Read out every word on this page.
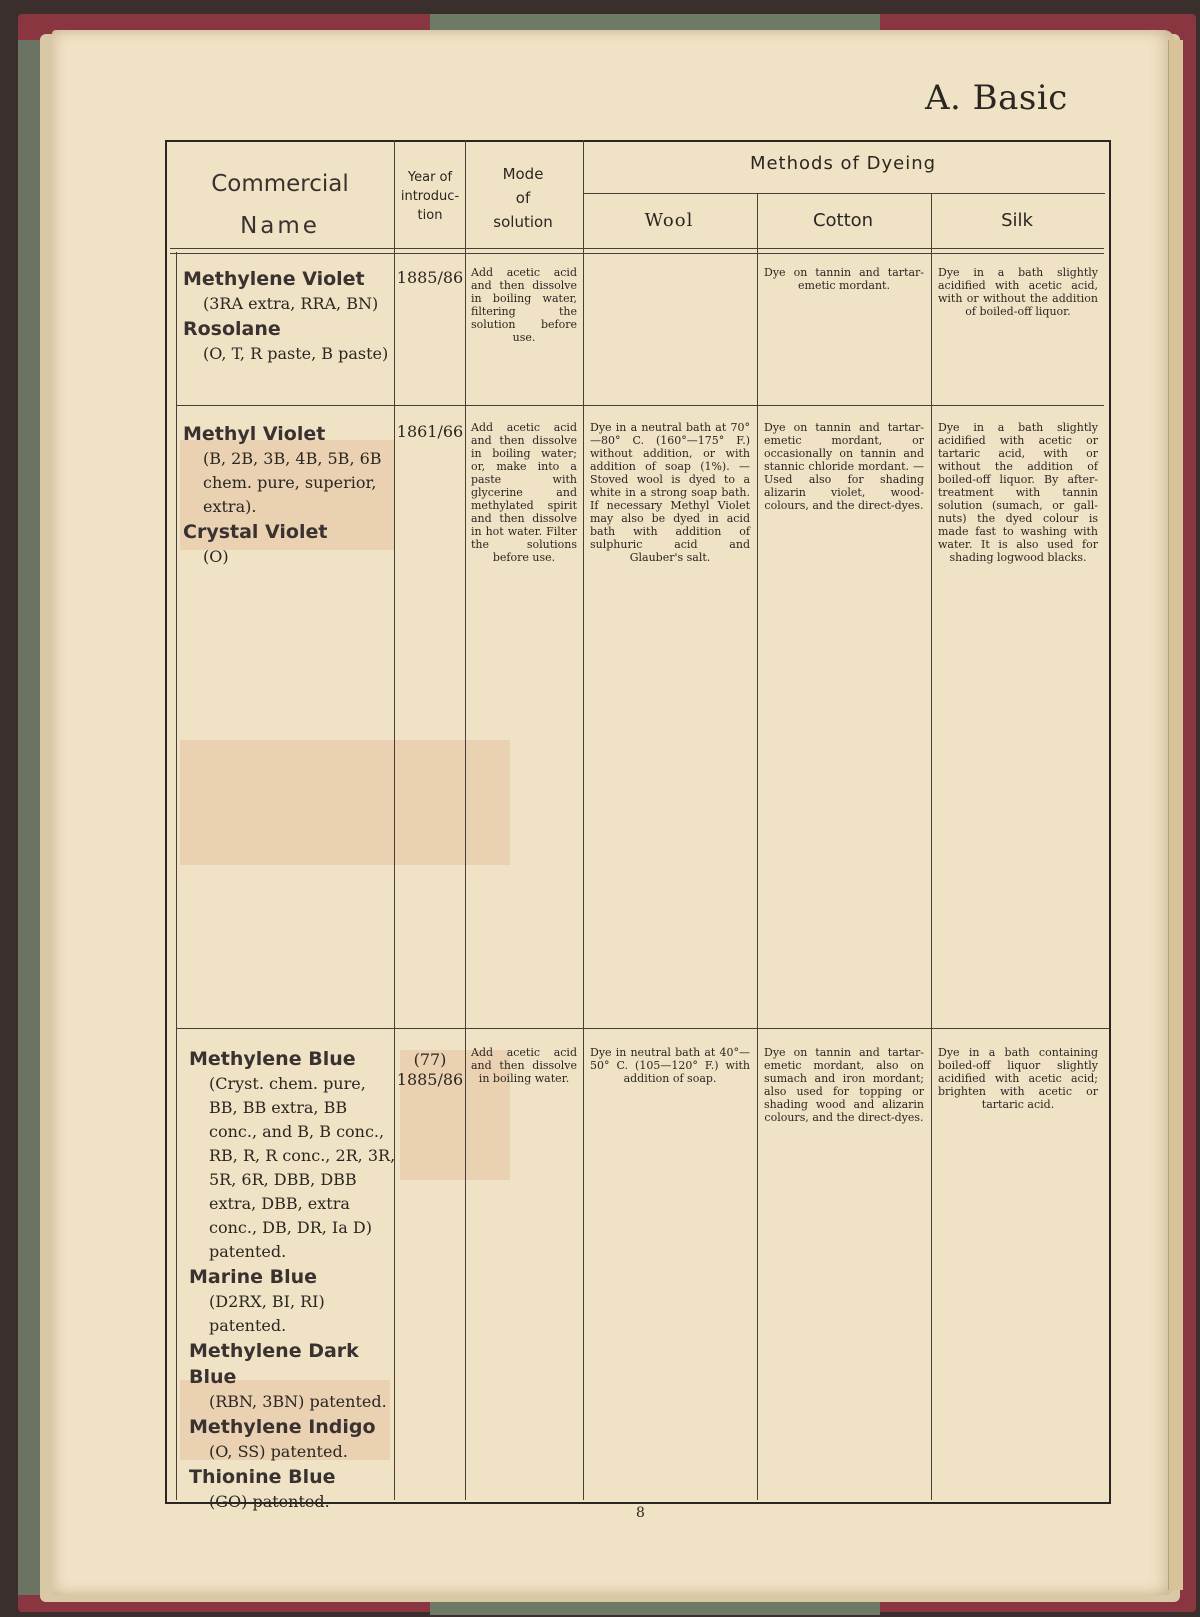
A. Basic
Commercial
Name
Year of
introduc-
tion
Mode
of
solution
Methods of Dyeing
Wool	Cotton	Silk
Methylene Violet
(3RA extra, RRA, BN)
Rosolane
(O, T, R paste, B paste)
1885/86 Add acetic acid and then dissolve in boiling water, filtering the solution before use.
Dye on tannin and tartar-emetic mordant.
Dye in a bath slightly acidified with acetic acid, with or without the addition of boiled-off liquor.
Methyl Violet
(B, 2B, 3B, 4B, 5B, 6B chem. pure, superior, extra).
Crystal Violet
(O)
1861/66 Add acetic acid and then dissolve in boiling water; or, make into a paste with glycerine and methylated spirit and then dissolve in hot water. Filter the solutions before use.
Dye in a neutral bath at 70°—80° C. (160°—175° F.) without addition, or with addition of soap (1%). — Stoved wool is dyed to a white in a strong soap bath. If necessary Methyl Violet may also be dyed in acid bath with addition of sulphuric acid and Glauber's salt.
Dye on tannin and tartar-emetic mordant, or occasionally on tannin and stannic chloride mordant. — Used also for shading alizarin violet, wood-colours, and the direct-dyes.
Dye in a bath slightly acidified with acetic or tartaric acid, with or without the addition of boiled-off liquor. By after-treatment with tannin solution (sumach, or gall-nuts) the dyed colour is made fast to washing with water. It is also used for shading logwood blacks.
Methylene Blue
(Cryst. chem. pure, BB, BB extra, BB conc., and B, B conc., RB, R, R conc., 2R, 3R, 5R, 6R, DBB, DBB extra, DBB, extra conc., DB, DR, Ia D) patented.
Marine Blue
(D2RX, BI, RI) patented.
Methylene Dark Blue
(RBN, 3BN) patented.
Methylene Indigo
(O, SS) patented.
Thionine Blue
(GO) patented.
(77)
1885/86
Add acetic acid and then dissolve in boiling water.
Dye in neutral bath at 40°—50° C. (105—120° F.) with addition of soap.
Dye on tannin and tartar-emetic mordant, also on sumach and iron mordant; also used for topping or shading wood and alizarin colours, and the direct-dyes.
Dye in a bath containing boiled-off liquor slightly acidified with acetic acid; brighten with acetic or tartaric acid.
8
